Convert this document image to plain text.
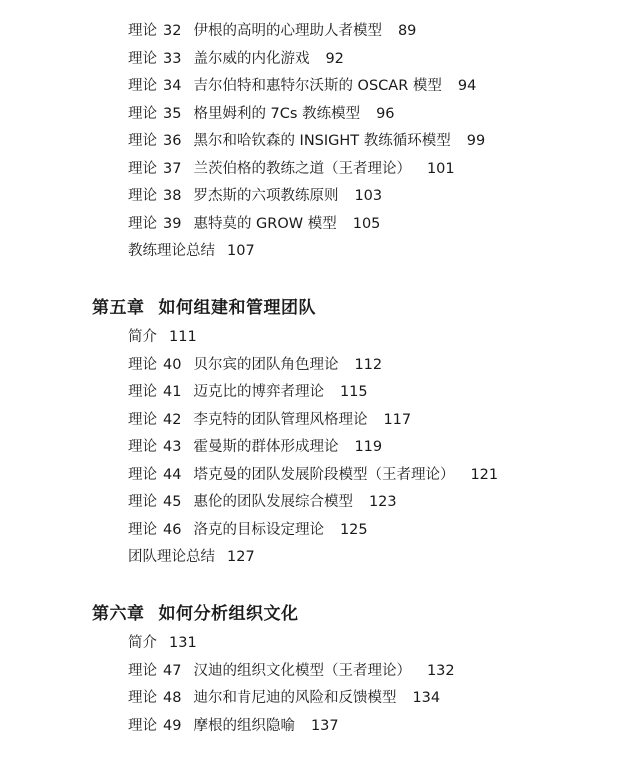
理论 32 伊根的高明的心理助人者模型 89
理论 33 盖尔威的内化游戏 92
理论 34 吉尔伯特和惠特尔沃斯的 OSCAR 模型 94
理论 35 格里姆利的 7Cs 教练模型 96
理论 36 黑尔和哈钦森的 INSIGHT 教练循环模型 99
理论 37 兰茨伯格的教练之道（王者理论） 101
理论 38 罗杰斯的六项教练原则 103
理论 39 惠特莫的 GROW 模型 105
教练理论总结 107
第五章 如何组建和管理团队
简介 111
理论 40 贝尔宾的团队角色理论 112
理论 41 迈克比的博弈者理论 115
理论 42 李克特的团队管理风格理论 117
理论 43 霍曼斯的群体形成理论 119
理论 44 塔克曼的团队发展阶段模型（王者理论） 121
理论 45 惠伦的团队发展综合模型 123
理论 46 洛克的目标设定理论 125
团队理论总结 127
第六章 如何分析组织文化
简介 131
理论 47 汉迪的组织文化模型（王者理论） 132
理论 48 迪尔和肯尼迪的风险和反馈模型 134
理论 49 摩根的组织隐喻 137
